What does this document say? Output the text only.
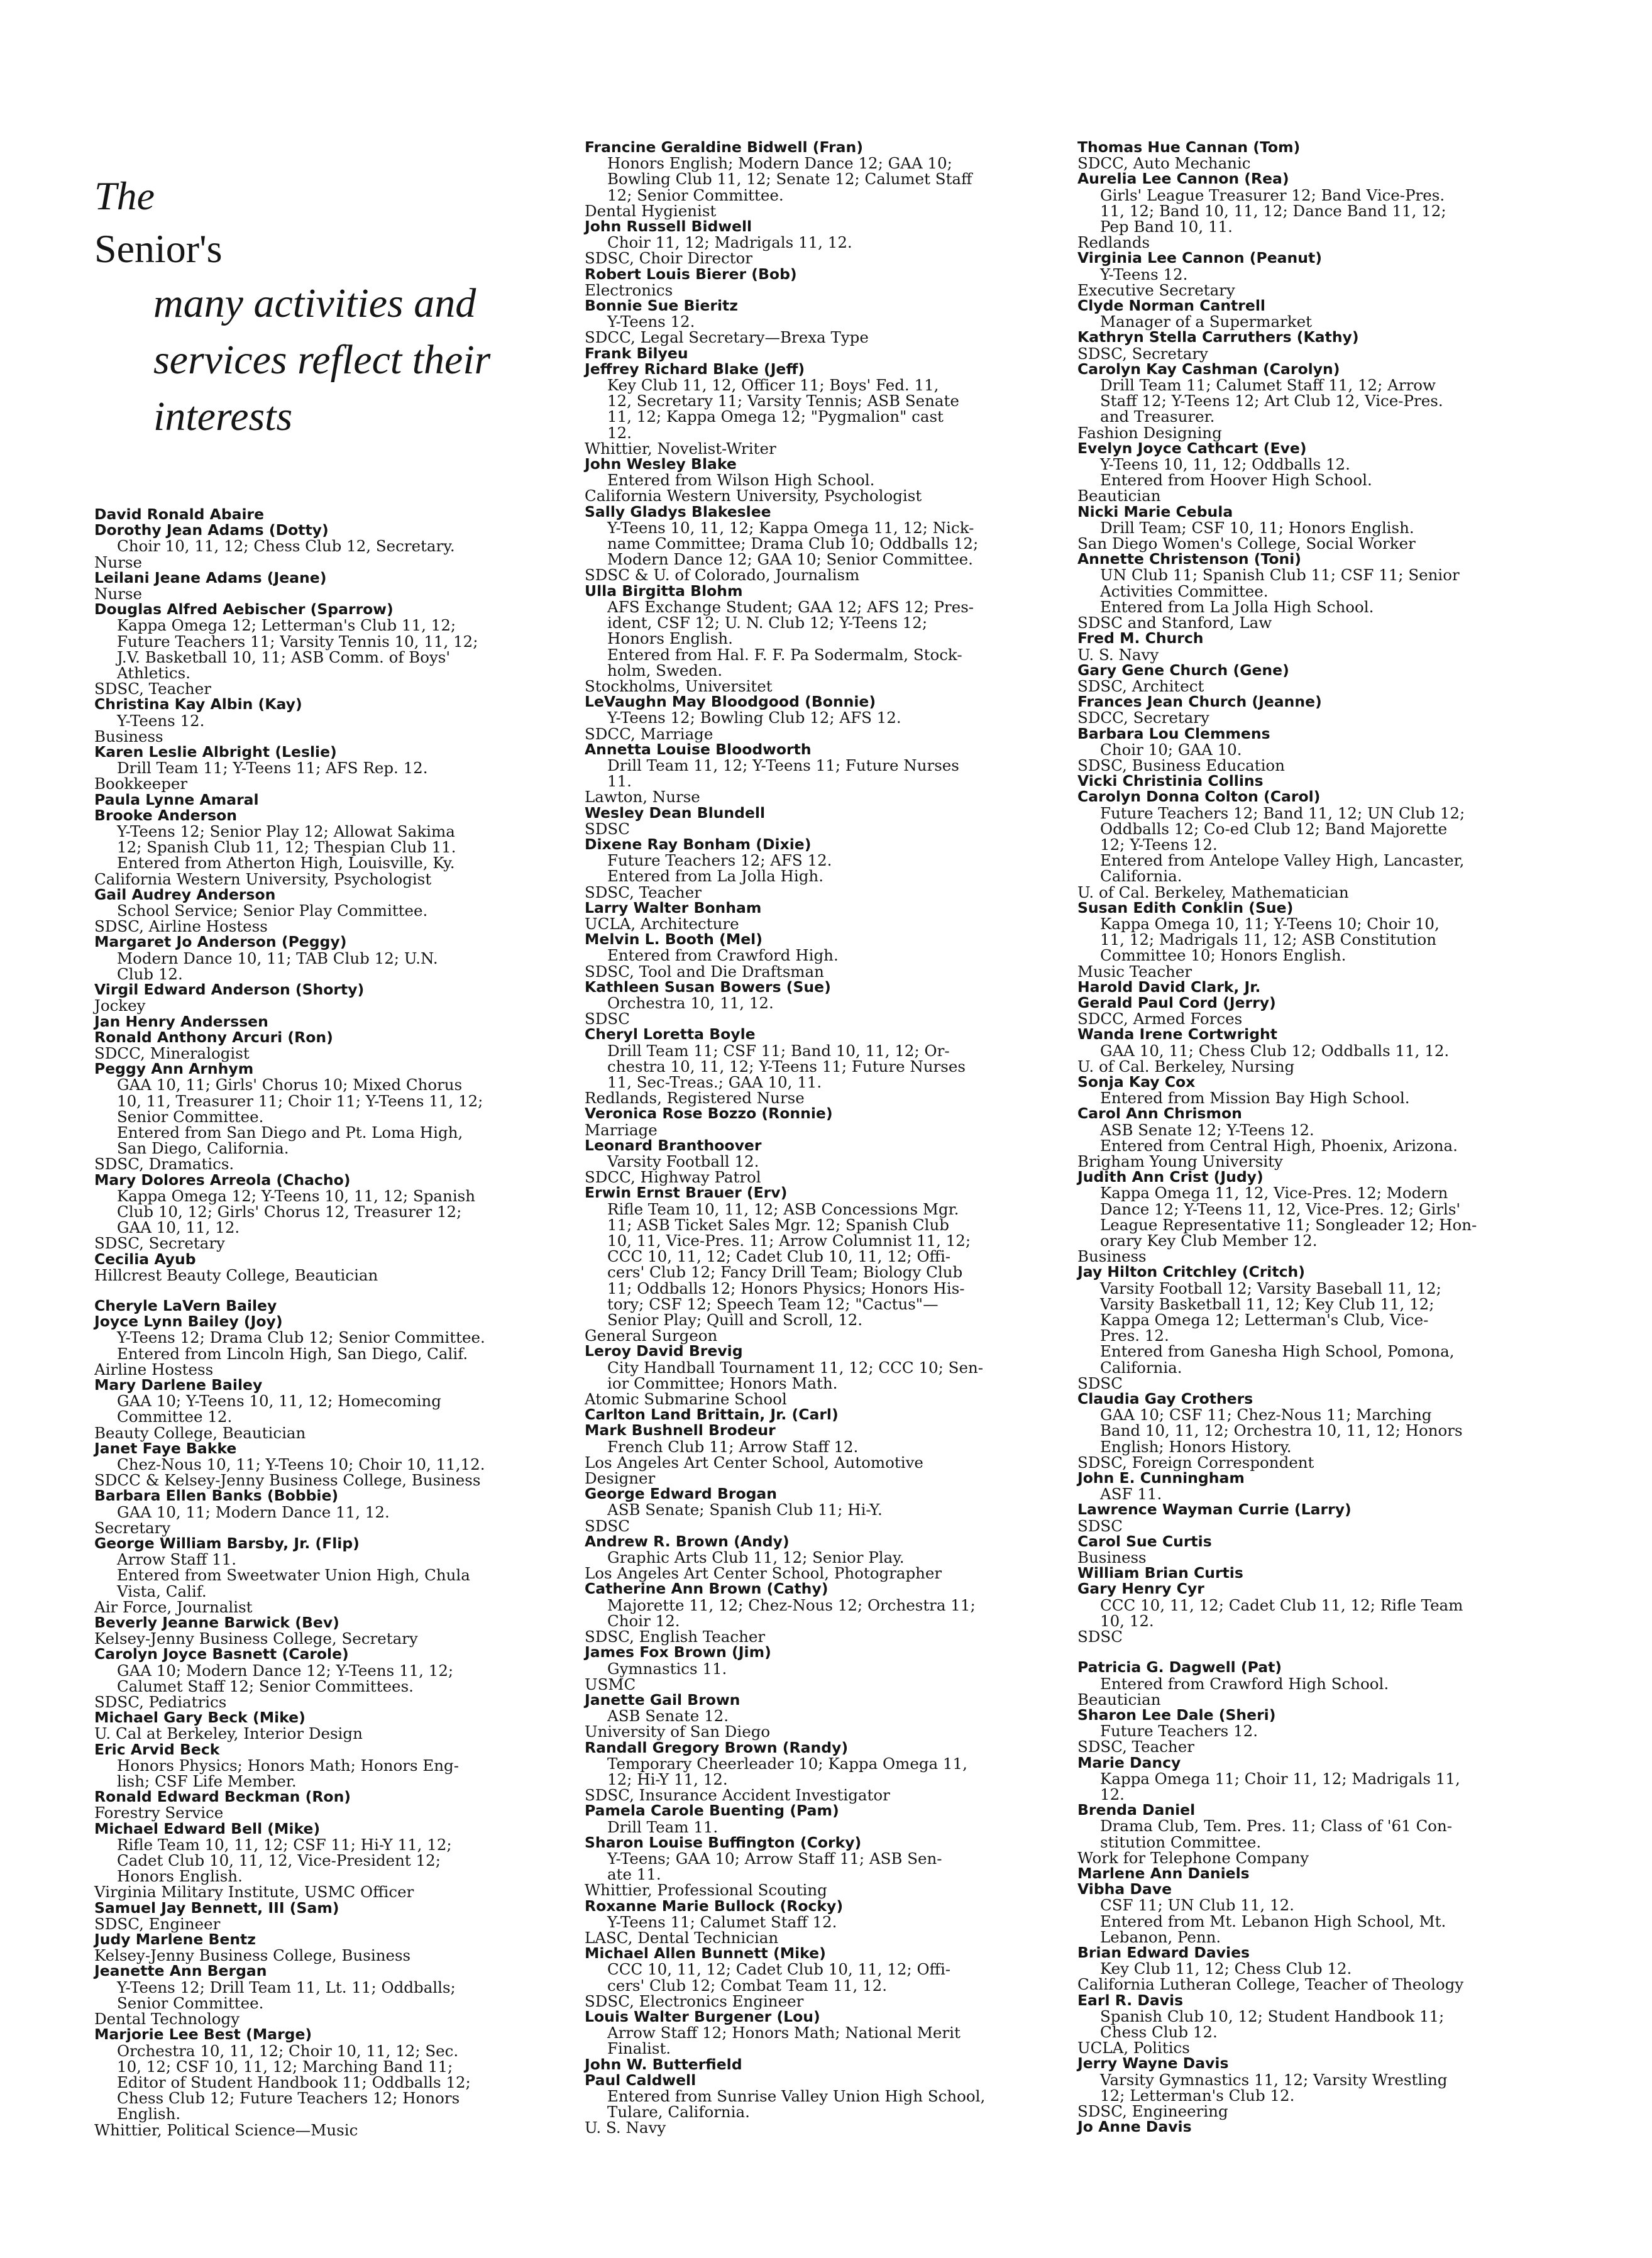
The
Senior's
many activities and
services reflect their
interests
David Ronald Abaire
Dorothy Jean Adams (Dotty)
Choir 10, 11, 12; Chess Club 12, Secretary.
Nurse
Leilani Jeane Adams (Jeane)
Nurse
Douglas Alfred Aebischer (Sparrow)
Kappa Omega 12; Letterman's Club 11, 12;
Future Teachers 11; Varsity Tennis 10, 11, 12;
J.V. Basketball 10, 11; ASB Comm. of Boys'
Athletics.
SDSC, Teacher
Christina Kay Albin (Kay)
Y-Teens 12.
Business
Karen Leslie Albright (Leslie)
Drill Team 11; Y-Teens 11; AFS Rep. 12.
Bookkeeper
Paula Lynne Amaral
Brooke Anderson
Y-Teens 12; Senior Play 12; Allowat Sakima
12; Spanish Club 11, 12; Thespian Club 11.
Entered from Atherton High, Louisville, Ky.
California Western University, Psychologist
Gail Audrey Anderson
School Service; Senior Play Committee.
SDSC, Airline Hostess
Margaret Jo Anderson (Peggy)
Modern Dance 10, 11; TAB Club 12; U.N.
Club 12.
Virgil Edward Anderson (Shorty)
Jockey
Jan Henry Anderssen
Ronald Anthony Arcuri (Ron)
SDCC, Mineralogist
Peggy Ann Arnhym
GAA 10, 11; Girls' Chorus 10; Mixed Chorus
10, 11, Treasurer 11; Choir 11; Y-Teens 11, 12;
Senior Committee.
Entered from San Diego and Pt. Loma High,
San Diego, California.
SDSC, Dramatics.
Mary Dolores Arreola (Chacho)
Kappa Omega 12; Y-Teens 10, 11, 12; Spanish
Club 10, 12; Girls' Chorus 12, Treasurer 12;
GAA 10, 11, 12.
SDSC, Secretary
Cecilia Ayub
Hillcrest Beauty College, Beautician
Cheryle LaVern Bailey
Joyce Lynn Bailey (Joy)
Y-Teens 12; Drama Club 12; Senior Committee.
Entered from Lincoln High, San Diego, Calif.
Airline Hostess
Mary Darlene Bailey
GAA 10; Y-Teens 10, 11, 12; Homecoming
Committee 12.
Beauty College, Beautician
Janet Faye Bakke
Chez-Nous 10, 11; Y-Teens 10; Choir 10, 11,12.
SDCC & Kelsey-Jenny Business College, Business
Barbara Ellen Banks (Bobbie)
GAA 10, 11; Modern Dance 11, 12.
Secretary
George William Barsby, Jr. (Flip)
Arrow Staff 11.
Entered from Sweetwater Union High, Chula
Vista, Calif.
Air Force, Journalist
Beverly Jeanne Barwick (Bev)
Kelsey-Jenny Business College, Secretary
Carolyn Joyce Basnett (Carole)
GAA 10; Modern Dance 12; Y-Teens 11, 12;
Calumet Staff 12; Senior Committees.
SDSC, Pediatrics
Michael Gary Beck (Mike)
U. Cal at Berkeley, Interior Design
Eric Arvid Beck
Honors Physics; Honors Math; Honors Eng-
lish; CSF Life Member.
Ronald Edward Beckman (Ron)
Forestry Service
Michael Edward Bell (Mike)
Rifle Team 10, 11, 12; CSF 11; Hi-Y 11, 12;
Cadet Club 10, 11, 12, Vice-President 12;
Honors English.
Virginia Military Institute, USMC Officer
Samuel Jay Bennett, III (Sam)
SDSC, Engineer
Judy Marlene Bentz
Kelsey-Jenny Business College, Business
Jeanette Ann Bergan
Y-Teens 12; Drill Team 11, Lt. 11; Oddballs;
Senior Committee.
Dental Technology
Marjorie Lee Best (Marge)
Orchestra 10, 11, 12; Choir 10, 11, 12; Sec.
10, 12; CSF 10, 11, 12; Marching Band 11;
Editor of Student Handbook 11; Oddballs 12;
Chess Club 12; Future Teachers 12; Honors
English.
Whittier, Political Science—Music
Francine Geraldine Bidwell (Fran)
Honors English; Modern Dance 12; GAA 10;
Bowling Club 11, 12; Senate 12; Calumet Staff
12; Senior Committee.
Dental Hygienist
John Russell Bidwell
Choir 11, 12; Madrigals 11, 12.
SDSC, Choir Director
Robert Louis Bierer (Bob)
Electronics
Bonnie Sue Bieritz
Y-Teens 12.
SDCC, Legal Secretary—Brexa Type
Frank Bilyeu
Jeffrey Richard Blake (Jeff)
Key Club 11, 12, Officer 11; Boys' Fed. 11,
12, Secretary 11; Varsity Tennis; ASB Senate
11, 12; Kappa Omega 12; "Pygmalion" cast
12.
Whittier, Novelist-Writer
John Wesley Blake
Entered from Wilson High School.
California Western University, Psychologist
Sally Gladys Blakeslee
Y-Teens 10, 11, 12; Kappa Omega 11, 12; Nick-
name Committee; Drama Club 10; Oddballs 12;
Modern Dance 12; GAA 10; Senior Committee.
SDSC & U. of Colorado, Journalism
Ulla Birgitta Blohm
AFS Exchange Student; GAA 12; AFS 12; Pres-
ident, CSF 12; U. N. Club 12; Y-Teens 12;
Honors English.
Entered from Hal. F. F. Pa Sodermalm, Stock-
holm, Sweden.
Stockholms, Universitet
LeVaughn May Bloodgood (Bonnie)
Y-Teens 12; Bowling Club 12; AFS 12.
SDCC, Marriage
Annetta Louise Bloodworth
Drill Team 11, 12; Y-Teens 11; Future Nurses
11.
Lawton, Nurse
Wesley Dean Blundell
SDSC
Dixene Ray Bonham (Dixie)
Future Teachers 12; AFS 12.
Entered from La Jolla High.
SDSC, Teacher
Larry Walter Bonham
UCLA, Architecture
Melvin L. Booth (Mel)
Entered from Crawford High.
SDSC, Tool and Die Draftsman
Kathleen Susan Bowers (Sue)
Orchestra 10, 11, 12.
SDSC
Cheryl Loretta Boyle
Drill Team 11; CSF 11; Band 10, 11, 12; Or-
chestra 10, 11, 12; Y-Teens 11; Future Nurses
11, Sec-Treas.; GAA 10, 11.
Redlands, Registered Nurse
Veronica Rose Bozzo (Ronnie)
Marriage
Leonard Branthoover
Varsity Football 12.
SDCC, Highway Patrol
Erwin Ernst Brauer (Erv)
Rifle Team 10, 11, 12; ASB Concessions Mgr.
11; ASB Ticket Sales Mgr. 12; Spanish Club
10, 11, Vice-Pres. 11; Arrow Columnist 11, 12;
CCC 10, 11, 12; Cadet Club 10, 11, 12; Offi-
cers' Club 12; Fancy Drill Team; Biology Club
11; Oddballs 12; Honors Physics; Honors His-
tory; CSF 12; Speech Team 12; "Cactus"—
Senior Play; Quill and Scroll, 12.
General Surgeon
Leroy David Brevig
City Handball Tournament 11, 12; CCC 10; Sen-
ior Committee; Honors Math.
Atomic Submarine School
Carlton Land Brittain, Jr. (Carl)
Mark Bushnell Brodeur
French Club 11; Arrow Staff 12.
Los Angeles Art Center School, Automotive
Designer
George Edward Brogan
ASB Senate; Spanish Club 11; Hi-Y.
SDSC
Andrew R. Brown (Andy)
Graphic Arts Club 11, 12; Senior Play.
Los Angeles Art Center School, Photographer
Catherine Ann Brown (Cathy)
Majorette 11, 12; Chez-Nous 12; Orchestra 11;
Choir 12.
SDSC, English Teacher
James Fox Brown (Jim)
Gymnastics 11.
USMC
Janette Gail Brown
ASB Senate 12.
University of San Diego
Randall Gregory Brown (Randy)
Temporary Cheerleader 10; Kappa Omega 11,
12; Hi-Y 11, 12.
SDSC, Insurance Accident Investigator
Pamela Carole Buenting (Pam)
Drill Team 11.
Sharon Louise Buffington (Corky)
Y-Teens; GAA 10; Arrow Staff 11; ASB Sen-
ate 11.
Whittier, Professional Scouting
Roxanne Marie Bullock (Rocky)
Y-Teens 11; Calumet Staff 12.
LASC, Dental Technician
Michael Allen Bunnett (Mike)
CCC 10, 11, 12; Cadet Club 10, 11, 12; Offi-
cers' Club 12; Combat Team 11, 12.
SDSC, Electronics Engineer
Louis Walter Burgener (Lou)
Arrow Staff 12; Honors Math; National Merit
Finalist.
John W. Butterfield
Paul Caldwell
Entered from Sunrise Valley Union High School,
Tulare, California.
U. S. Navy
Thomas Hue Cannan (Tom)
SDCC, Auto Mechanic
Aurelia Lee Cannon (Rea)
Girls' League Treasurer 12; Band Vice-Pres.
11, 12; Band 10, 11, 12; Dance Band 11, 12;
Pep Band 10, 11.
Redlands
Virginia Lee Cannon (Peanut)
Y-Teens 12.
Executive Secretary
Clyde Norman Cantrell
Manager of a Supermarket
Kathryn Stella Carruthers (Kathy)
SDSC, Secretary
Carolyn Kay Cashman (Carolyn)
Drill Team 11; Calumet Staff 11, 12; Arrow
Staff 12; Y-Teens 12; Art Club 12, Vice-Pres.
and Treasurer.
Fashion Designing
Evelyn Joyce Cathcart (Eve)
Y-Teens 10, 11, 12; Oddballs 12.
Entered from Hoover High School.
Beautician
Nicki Marie Cebula
Drill Team; CSF 10, 11; Honors English.
San Diego Women's College, Social Worker
Annette Christenson (Toni)
UN Club 11; Spanish Club 11; CSF 11; Senior
Activities Committee.
Entered from La Jolla High School.
SDSC and Stanford, Law
Fred M. Church
U. S. Navy
Gary Gene Church (Gene)
SDSC, Architect
Frances Jean Church (Jeanne)
SDCC, Secretary
Barbara Lou Clemmens
Choir 10; GAA 10.
SDSC, Business Education
Vicki Christinia Collins
Carolyn Donna Colton (Carol)
Future Teachers 12; Band 11, 12; UN Club 12;
Oddballs 12; Co-ed Club 12; Band Majorette
12; Y-Teens 12.
Entered from Antelope Valley High, Lancaster,
California.
U. of Cal. Berkeley, Mathematician
Susan Edith Conklin (Sue)
Kappa Omega 10, 11; Y-Teens 10; Choir 10,
11, 12; Madrigals 11, 12; ASB Constitution
Committee 10; Honors English.
Music Teacher
Harold David Clark, Jr.
Gerald Paul Cord (Jerry)
SDCC, Armed Forces
Wanda Irene Cortwright
GAA 10, 11; Chess Club 12; Oddballs 11, 12.
U. of Cal. Berkeley, Nursing
Sonja Kay Cox
Entered from Mission Bay High School.
Carol Ann Chrismon
ASB Senate 12; Y-Teens 12.
Entered from Central High, Phoenix, Arizona.
Brigham Young University
Judith Ann Crist (Judy)
Kappa Omega 11, 12, Vice-Pres. 12; Modern
Dance 12; Y-Teens 11, 12, Vice-Pres. 12; Girls'
League Representative 11; Songleader 12; Hon-
orary Key Club Member 12.
Business
Jay Hilton Critchley (Critch)
Varsity Football 12; Varsity Baseball 11, 12;
Varsity Basketball 11, 12; Key Club 11, 12;
Kappa Omega 12; Letterman's Club, Vice-
Pres. 12.
Entered from Ganesha High School, Pomona,
California.
SDSC
Claudia Gay Crothers
GAA 10; CSF 11; Chez-Nous 11; Marching
Band 10, 11, 12; Orchestra 10, 11, 12; Honors
English; Honors History.
SDSC, Foreign Correspondent
John E. Cunningham
ASF 11.
Lawrence Wayman Currie (Larry)
SDSC
Carol Sue Curtis
Business
William Brian Curtis
Gary Henry Cyr
CCC 10, 11, 12; Cadet Club 11, 12; Rifle Team
10, 12.
SDSC
Patricia G. Dagwell (Pat)
Entered from Crawford High School.
Beautician
Sharon Lee Dale (Sheri)
Future Teachers 12.
SDSC, Teacher
Marie Dancy
Kappa Omega 11; Choir 11, 12; Madrigals 11,
12.
Brenda Daniel
Drama Club, Tem. Pres. 11; Class of '61 Con-
stitution Committee.
Work for Telephone Company
Marlene Ann Daniels
Vibha Dave
CSF 11; UN Club 11, 12.
Entered from Mt. Lebanon High School, Mt.
Lebanon, Penn.
Brian Edward Davies
Key Club 11, 12; Chess Club 12.
California Lutheran College, Teacher of Theology
Earl R. Davis
Spanish Club 10, 12; Student Handbook 11;
Chess Club 12.
UCLA, Politics
Jerry Wayne Davis
Varsity Gymnastics 11, 12; Varsity Wrestling
12; Letterman's Club 12.
SDSC, Engineering
Jo Anne Davis
